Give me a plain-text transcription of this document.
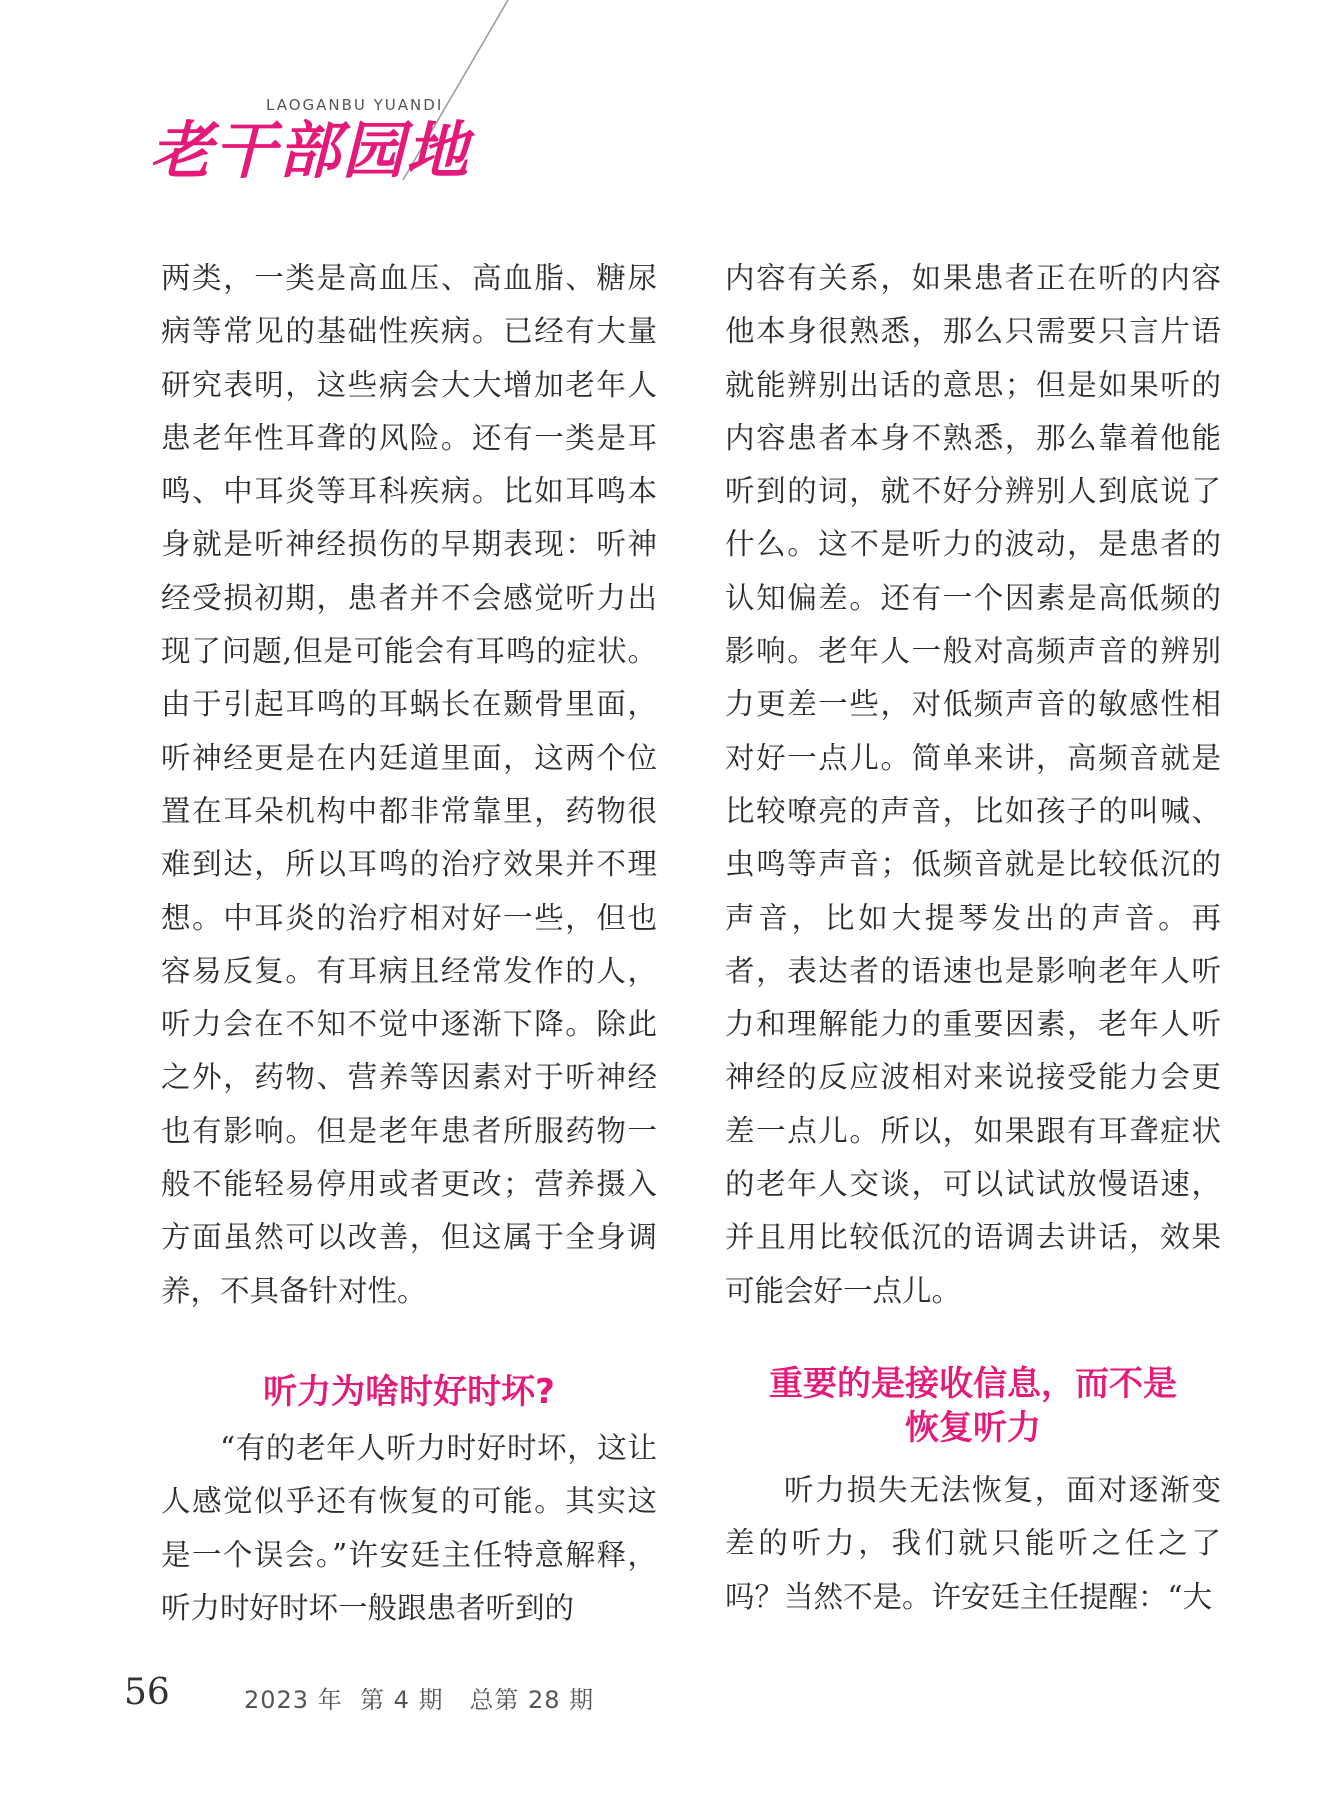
LAOGANBU YUANDI
老干部园地

两类，一类是高血压、高血脂、糖尿病等常见的基础性疾病。已经有大量研究表明，这些病会大大增加老年人患老年性耳聋的风险。还有一类是耳鸣、中耳炎等耳科疾病。比如耳鸣本身就是听神经损伤的早期表现：听神经受损初期，患者并不会感觉听力出现了问题,但是可能会有耳鸣的症状。由于引起耳鸣的耳蜗长在颞骨里面，听神经更是在内廷道里面，这两个位置在耳朵机构中都非常靠里，药物很难到达，所以耳鸣的治疗效果并不理想。中耳炎的治疗相对好一些，但也容易反复。有耳病且经常发作的人，听力会在不知不觉中逐渐下降。除此之外，药物、营养等因素对于听神经也有影响。但是老年患者所服药物一般不能轻易停用或者更改；营养摄入方面虽然可以改善，但这属于全身调养，不具备针对性。

听力为啥时好时坏?

“有的老年人听力时好时坏，这让人感觉似乎还有恢复的可能。其实这是一个误会。”许安廷主任特意解释，听力时好时坏一般跟患者听到的

内容有关系，如果患者正在听的内容他本身很熟悉，那么只需要只言片语就能辨别出话的意思；但是如果听的内容患者本身不熟悉，那么靠着他能听到的词，就不好分辨别人到底说了什么。这不是听力的波动，是患者的认知偏差。还有一个因素是高低频的影响。老年人一般对高频声音的辨别力更差一些，对低频声音的敏感性相对好一点儿。简单来讲，高频音就是比较嘹亮的声音，比如孩子的叫喊、虫鸣等声音；低频音就是比较低沉的声音，比如大提琴发出的声音。再者，表达者的语速也是影响老年人听力和理解能力的重要因素，老年人听神经的反应波相对来说接受能力会更差一点儿。所以，如果跟有耳聋症状的老年人交谈，可以试试放慢语速，并且用比较低沉的语调去讲话，效果可能会好一点儿。

重要的是接收信息，而不是
恢复听力

听力损失无法恢复，面对逐渐变差的听力，我们就只能听之任之了吗？当然不是。许安廷主任提醒：“大

56	2023 年  第 4 期   总第 28 期
